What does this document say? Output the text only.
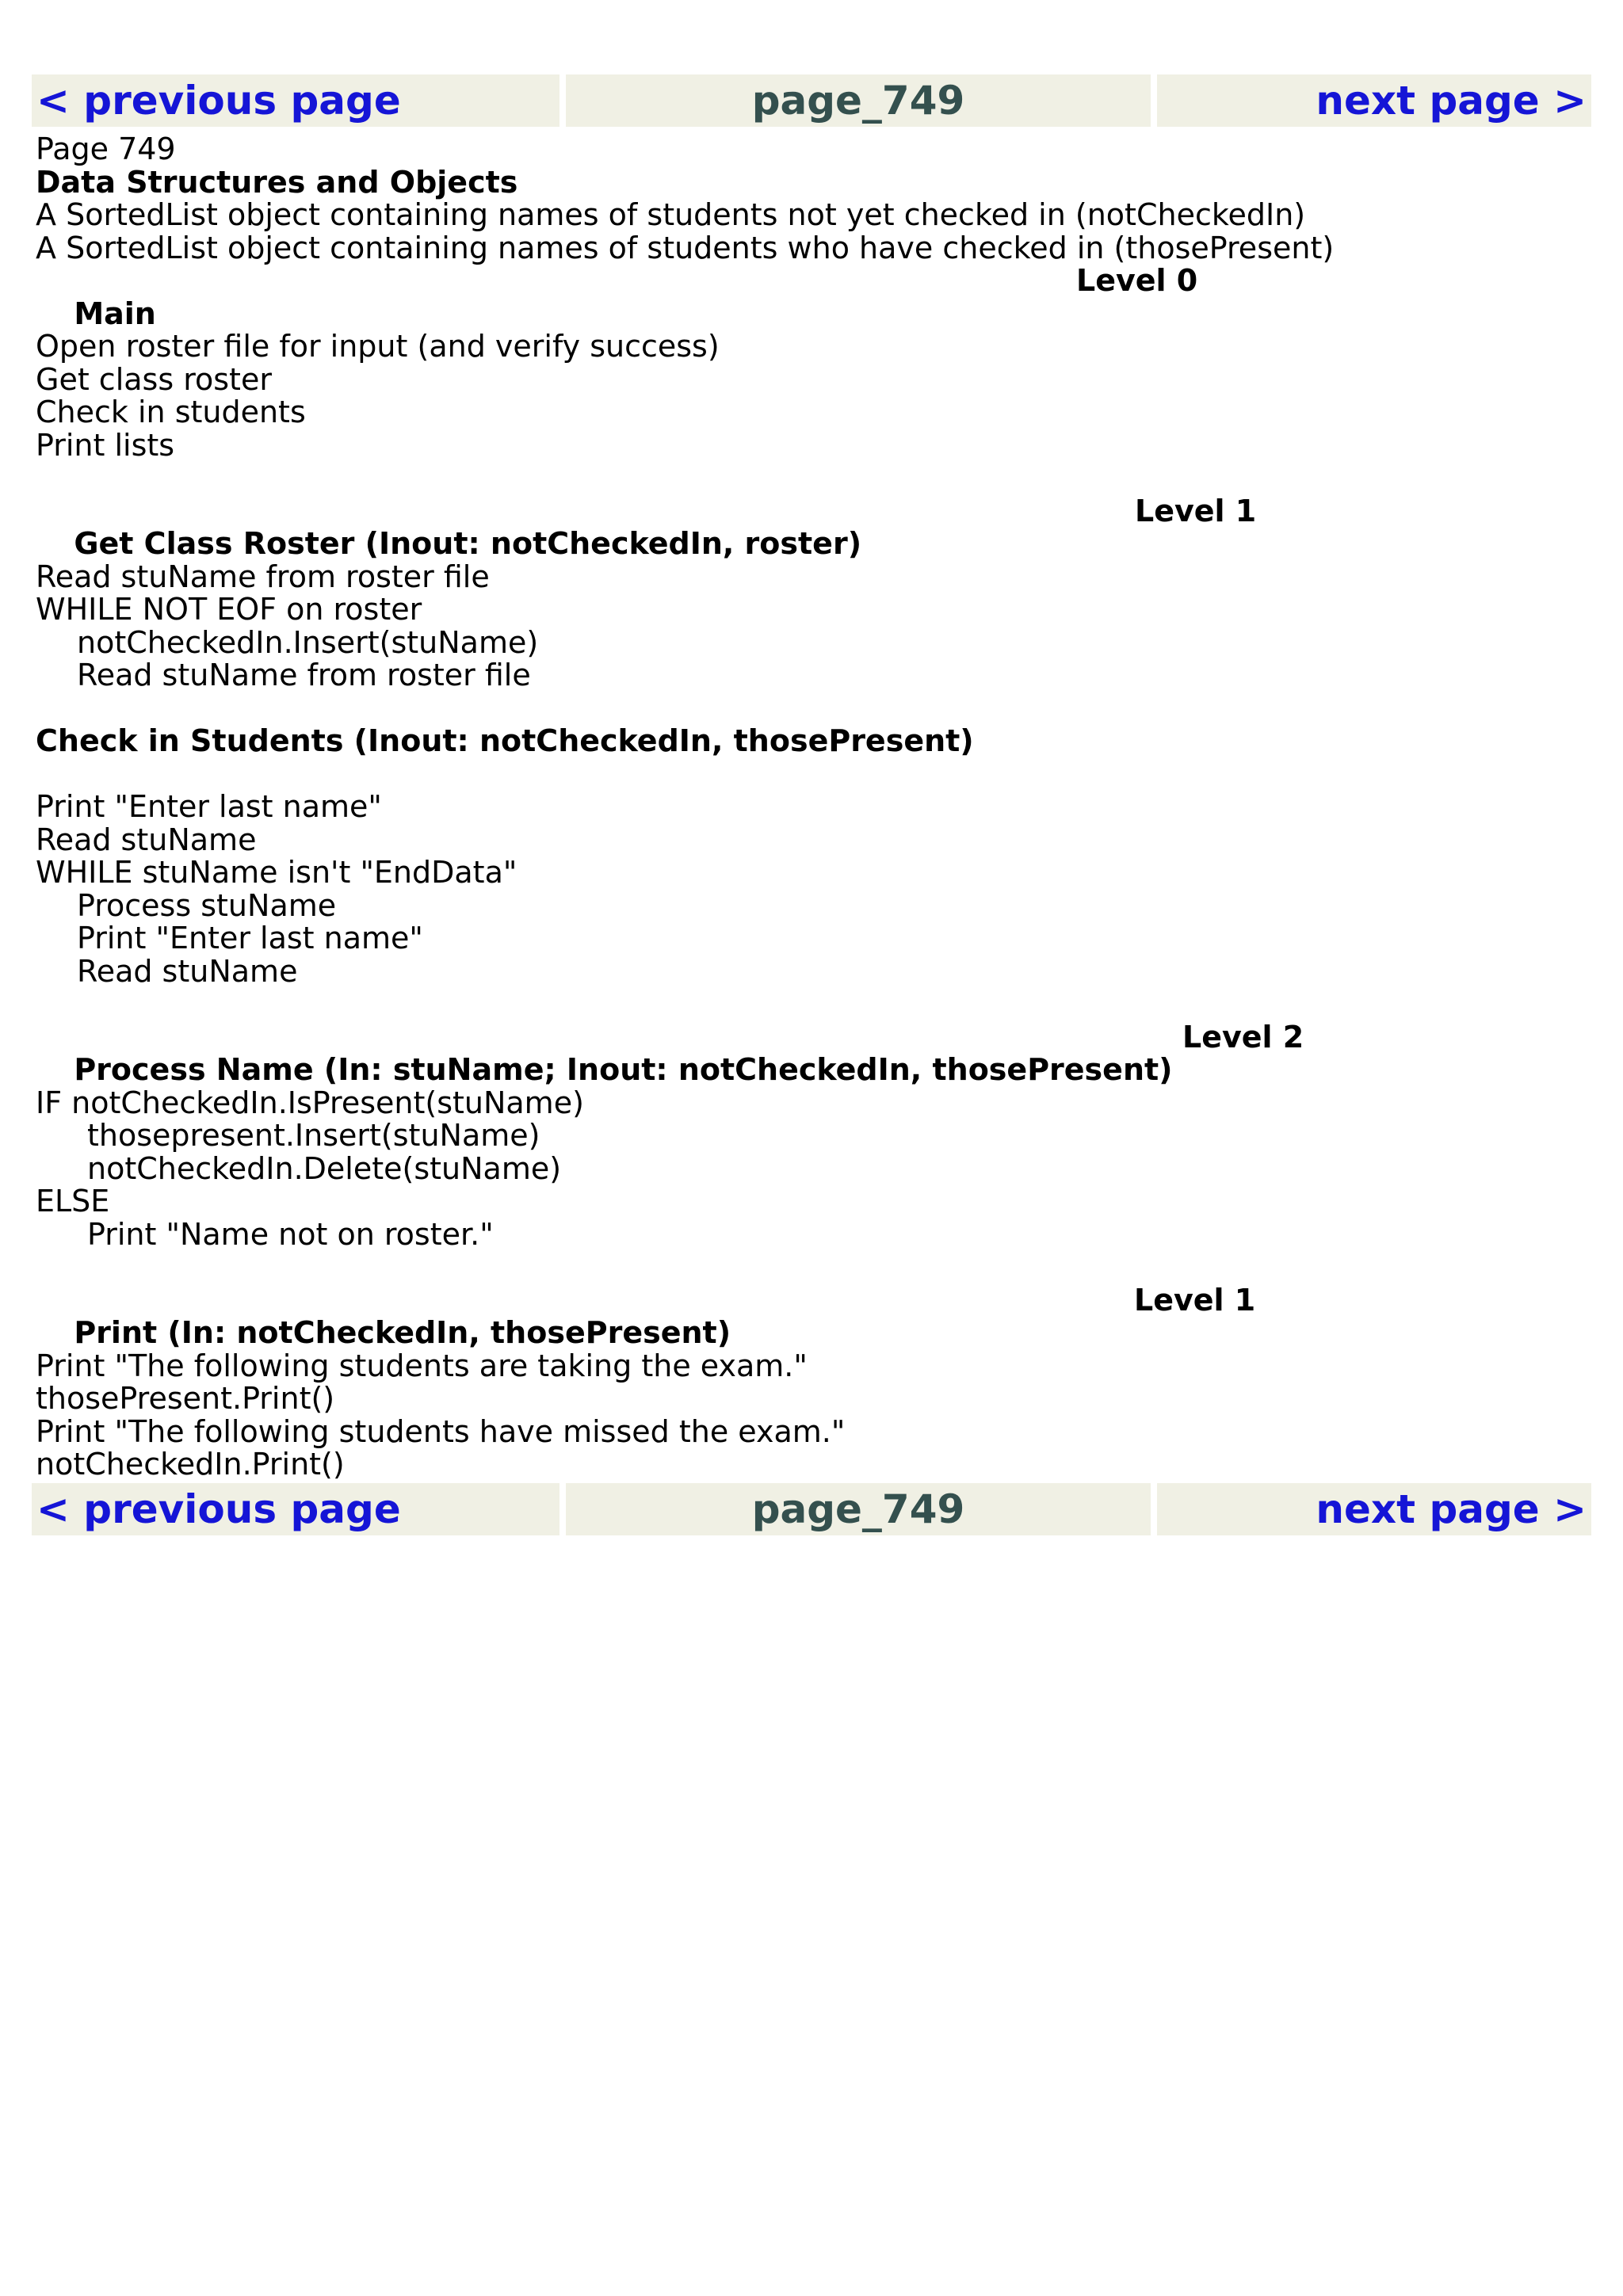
< previous page	page_749	next page >
Page 749
Data Structures and Objects
A SortedList object containing names of students not yet checked in (notCheckedIn)
A SortedList object containing names of students who have checked in (thosePresent)

Main

Level 0

Open roster file for input (and verify success)
Get class roster
Check in students
Print lists

Get Class Roster (Inout: notCheckedIn, roster)

Level 1

Read stuName from roster file
WHILE NOT EOF on roster
notCheckedIn.Insert(stuName)
Read stuName from roster file
Check in Students (Inout: notCheckedIn, thosePresent)
Print "Enter last name"
Read stuName
WHILE stuName isn't "EndData"
Process stuName
Print "Enter last name"
Read stuName

Process Name (In: stuName; Inout: notCheckedIn, thosePresent)

Level 2

IF notCheckedIn.IsPresent(stuName)
thosepresent.Insert(stuName)
notCheckedIn.Delete(stuName)
ELSE
Print "Name not on roster."

Print (In: notCheckedIn, thosePresent)

Level 1

Print "The following students are taking the exam."
thosePresent.Print()
Print "The following students have missed the exam."
notCheckedIn.Print()
< previous page	page_749	next page >
